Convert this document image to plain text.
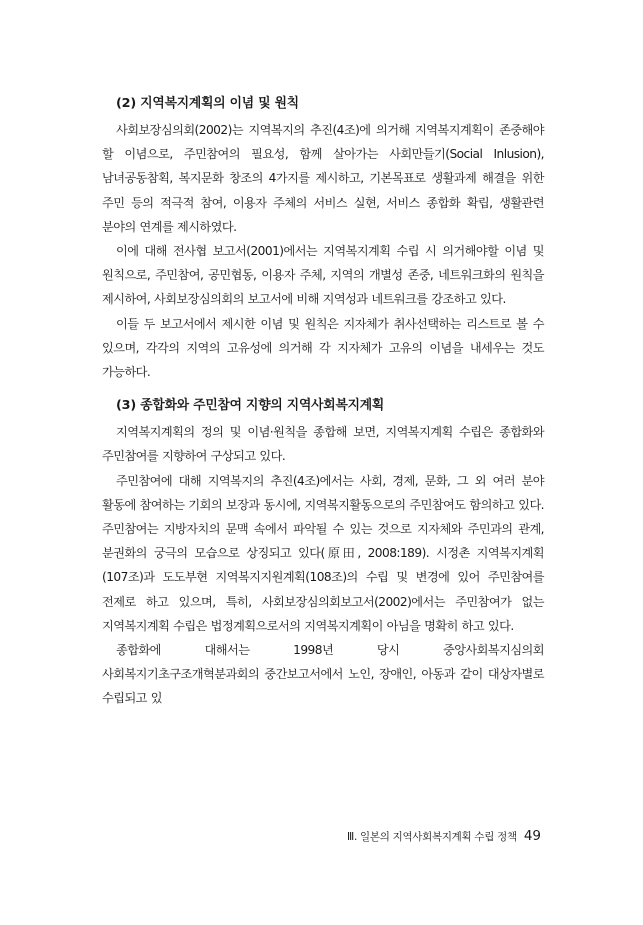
(2) 지역복지계획의 이념 및 원칙

사회보장심의회(2002)는 지역복지의 추진(4조)에 의거해 지역복지계획이 존중해야 할 이념으로, 주민참여의 필요성, 함께 살아가는 사회만들기(Social Inlusion), 남녀공동참획, 복지문화 창조의 4가지를 제시하고, 기본목표로 생활과제 해결을 위한 주민 등의 적극적 참여, 이용자 주체의 서비스 실현, 서비스 종합화 확립, 생활관련 분야의 연계를 제시하였다.

이에 대해 전사협 보고서(2001)에서는 지역복지계획 수립 시 의거해야할 이념 및 원칙으로, 주민참여, 공민협동, 이용자 주체, 지역의 개별성 존중, 네트워크화의 원칙을 제시하여, 사회보장심의회의 보고서에 비해 지역성과 네트워크를 강조하고 있다.

이들 두 보고서에서 제시한 이념 및 원칙은 지자체가 취사선택하는 리스트로 볼 수 있으며, 각각의 지역의 고유성에 의거해 각 지자체가 고유의 이념을 내세우는 것도 가능하다.

(3) 종합화와 주민참여 지향의 지역사회복지계획

지역복지계획의 정의 및 이념·원칙을 종합해 보면, 지역복지계획 수립은 종합화와 주민참여를 지향하여 구상되고 있다.

주민참여에 대해 지역복지의 추진(4조)에서는 사회, 경제, 문화, 그 외 여러 분야 활동에 참여하는 기회의 보장과 동시에, 지역복지활동으로의 주민참여도 함의하고 있다. 주민참여는 지방자치의 문맥 속에서 파악될 수 있는 것으로 지자체와 주민과의 관계, 분권화의 궁극의 모습으로 상징되고 있다(原田, 2008:189). 시정촌 지역복지계획(107조)과 도도부현 지역복지지원계획(108조)의 수립 및 변경에 있어 주민참여를 전제로 하고 있으며, 특히, 사회보장심의회보고서(2002)에서는 주민참여가 없는 지역복지계획 수립은 법정계획으로서의 지역복지계획이 아님을 명확히 하고 있다.

종합화에 대해서는 1998년 당시 중앙사회복지심의회 사회복지기초구조개혁분과회의 중간보고서에서 노인, 장애인, 아동과 같이 대상자별로 수립되고 있

Ⅲ. 일본의 지역사회복지계획 수립 정책 49
